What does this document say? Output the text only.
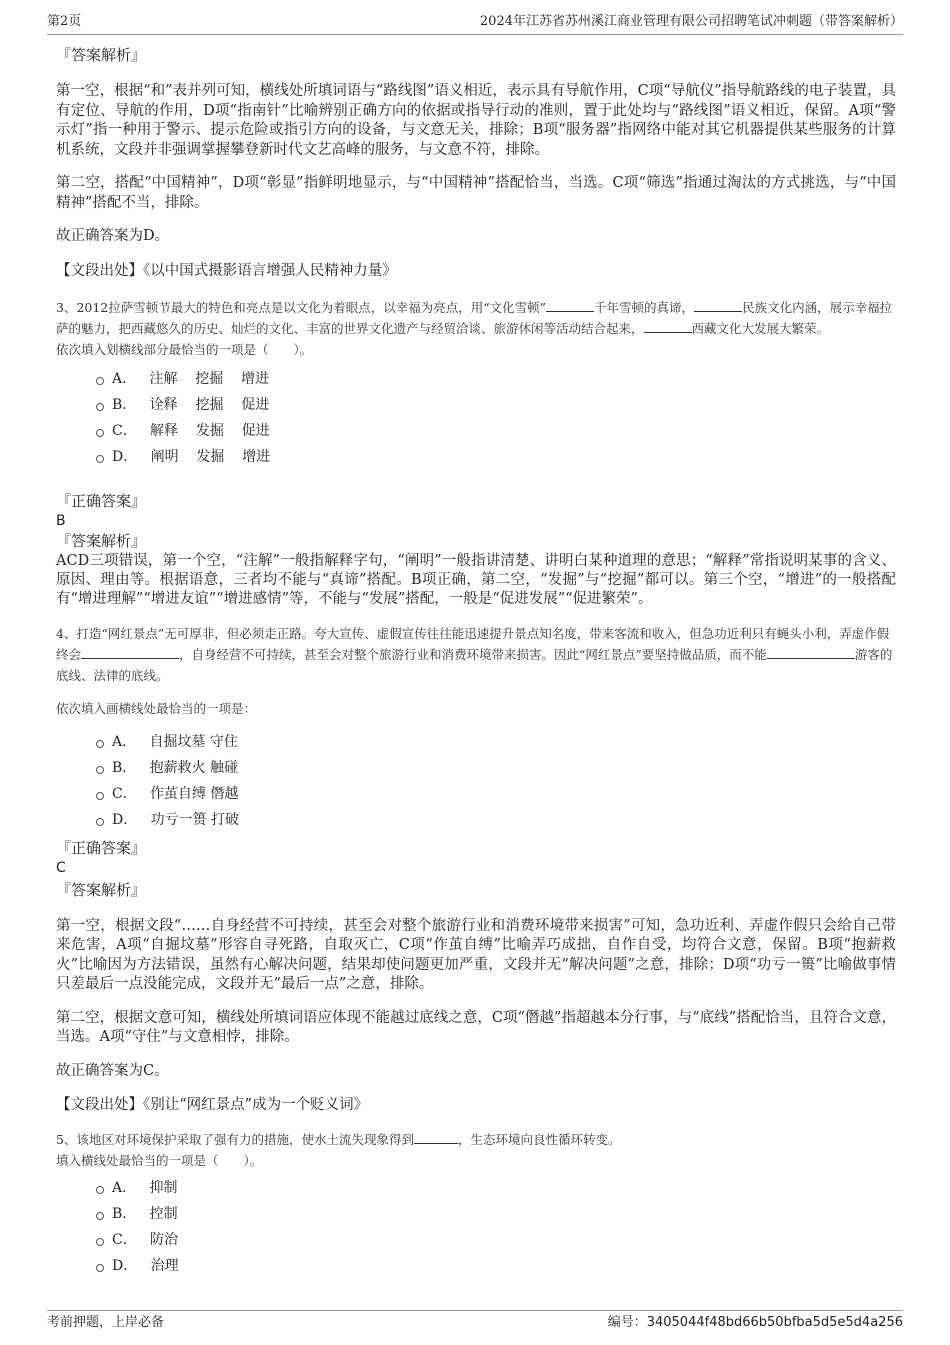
第2页	2024年江苏省苏州溪江商业管理有限公司招聘笔试冲刺题（带答案解析）
『答案解析』

第一空，根据“和”表并列可知，横线处所填词语与“路线图”语义相近，表示具有导航作用，C项“导航仪”指导航路线的电子装置，具有定位、导航的作用，D项“指南针”比喻辨别正确方向的依据或指导行动的准则，置于此处均与“路线图”语义相近，保留。A项“警示灯”指一种用于警示、提示危险或指引方向的设备，与文意无关，排除；B项“服务器”指网络中能对其它机器提供某些服务的计算机系统，文段并非强调掌握攀登新时代文艺高峰的服务，与文意不符，排除。

第二空，搭配“中国精神”，D项“彰显”指鲜明地显示，与“中国精神”搭配恰当，当选。C项“筛选”指通过淘汰的方式挑选，与“中国精神”搭配不当，排除。

故正确答案为D。

【文段出处】《以中国式摄影语言增强人民精神力量》

3、2012拉萨雪顿节最大的特色和亮点是以文化为着眼点，以幸福为亮点，用“文化雪顿”	千年雪顿的真谛，	民族文化内涵，展示幸福拉萨的魅力，把西藏悠久的历史、灿烂的文化、丰富的世界文化遗产与经贸洽谈、旅游休闲等活动结合起来，	西藏文化大发展大繁荣。

依次填入划横线部分最恰当的一项是（　　）。

A．   注解    挖掘    增进
B．   诠释    挖掘    促进
C．   解释    发掘    促进
D．   阐明    发掘    增进
『正确答案』
B
『答案解析』

ACD三项错误，第一个空，“注解”一般指解释字句，“阐明”一般指讲清楚、讲明白某种道理的意思；“解释”常指说明某事的含义、原因、理由等。根据语意，三者均不能与“真谛”搭配。B项正确，第二空，“发掘”与“挖掘”都可以。第三个空，“增进”的一般搭配有“增进理解”“增进友谊”“增进感情”等，不能与“发展”搭配，一般是“促进发展”“促进繁荣”。

4、打造“网红景点”无可厚非，但必须走正路。夸大宣传、虚假宣传往往能迅速提升景点知名度，带来客流和收入，但急功近利只有蝇头小利，弄虚作假终会	，自身经营不可持续，甚至会对整个旅游行业和消费环境带来损害。因此“网红景点”要坚持做品质，而不能	游客的底线、法律的底线。

依次填入画横线处最恰当的一项是：

A．   自掘坟墓 守住
B．   抱薪救火 触碰
C．   作茧自缚 僭越
D．   功亏一篑 打破
『正确答案』
C
『答案解析』

第一空，根据文段“……自身经营不可持续，甚至会对整个旅游行业和消费环境带来损害”可知，急功近利、弄虚作假只会给自己带来危害，A项“自掘坟墓”形容自寻死路，自取灭亡，C项“作茧自缚”比喻弄巧成拙，自作自受，均符合文意，保留。B项“抱薪救火”比喻因为方法错误，虽然有心解决问题，结果却使问题更加严重，文段并无“解决问题”之意，排除；D项“功亏一篑”比喻做事情只差最后一点没能完成，文段并无“最后一点”之意，排除。

第二空，根据文意可知，横线处所填词语应体现不能越过底线之意，C项“僭越”指超越本分行事，与“底线”搭配恰当，且符合文意，当选。A项“守住”与文意相悖，排除。

故正确答案为C。

【文段出处】《别让“网红景点”成为一个贬义词》

5、该地区对环境保护采取了强有力的措施，使水土流失现象得到	，生态环境向良性循环转变。

填入横线处最恰当的一项是（　　）。

A．   抑制
B．   控制
C．   防治
D．   治理
考前押题，上岸必备	编号：3405044f48bd66b50bfba5d5e5d4a256
